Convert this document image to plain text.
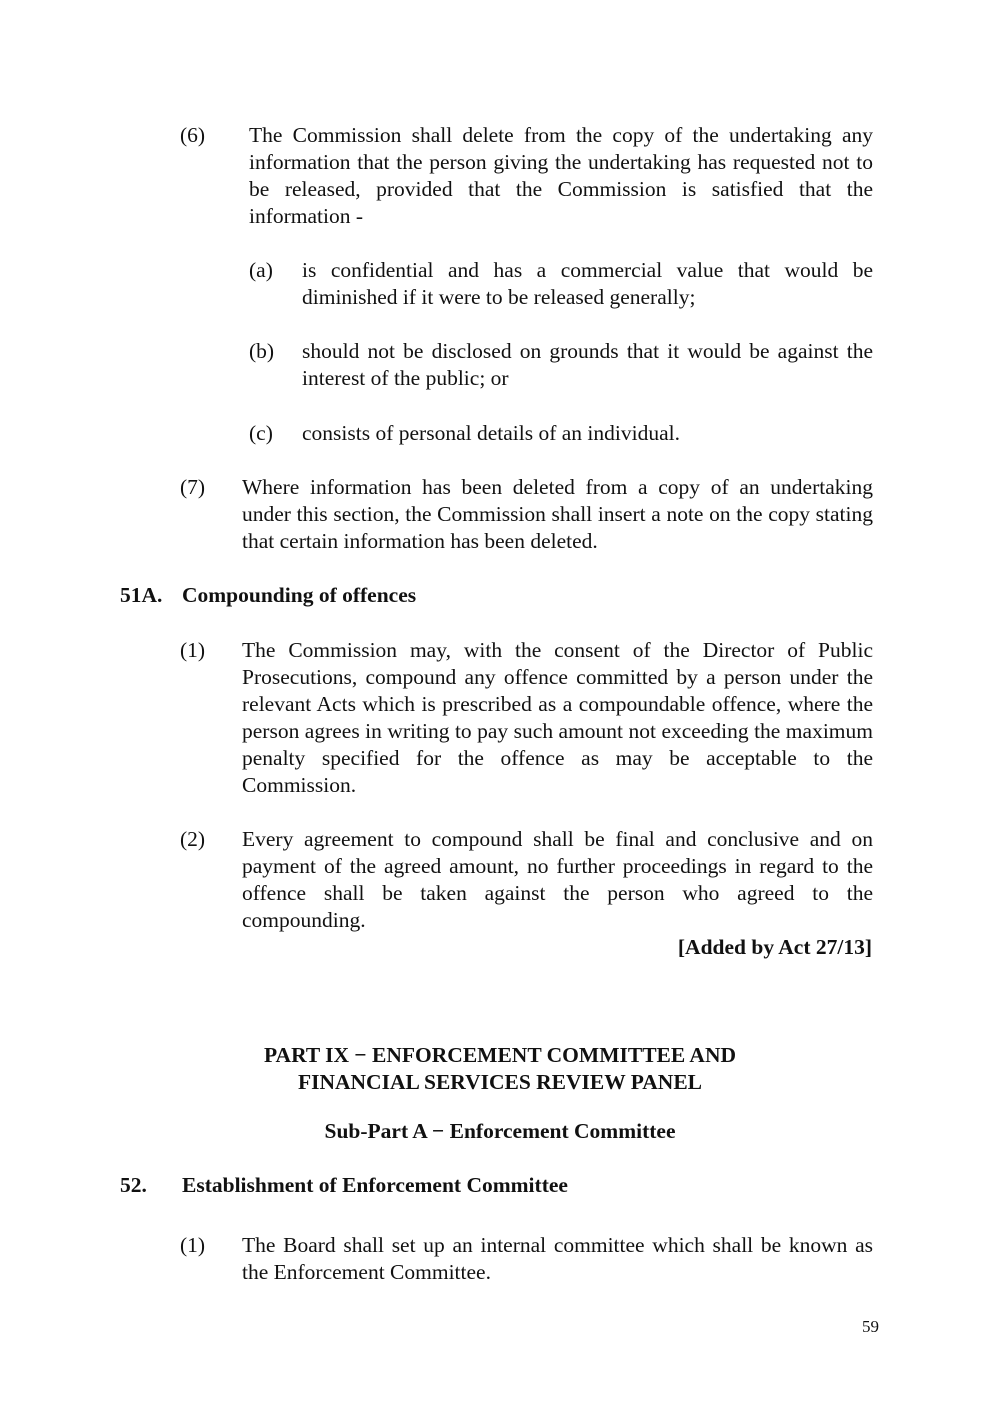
(6) The Commission shall delete from the copy of the undertaking any information that the person giving the undertaking has requested not to be released, provided that the Commission is satisfied that the information -
(a) is confidential and has a commercial value that would be diminished if it were to be released generally;
(b) should not be disclosed on grounds that it would be against the interest of the public; or
(c) consists of personal details of an individual.
(7) Where information has been deleted from a copy of an undertaking under this section, the Commission shall insert a note on the copy stating that certain information has been deleted.
51A. Compounding of offences
(1) The Commission may, with the consent of the Director of Public Prosecutions, compound any offence committed by a person under the relevant Acts which is prescribed as a compoundable offence, where the person agrees in writing to pay such amount not exceeding the maximum penalty specified for the offence as may be acceptable to the Commission.
(2) Every agreement to compound shall be final and conclusive and on payment of the agreed amount, no further proceedings in regard to the offence shall be taken against the person who agreed to the compounding.
[Added by Act 27/13]
PART IX − ENFORCEMENT COMMITTEE AND
FINANCIAL SERVICES REVIEW PANEL
Sub-Part A − Enforcement Committee
52. Establishment of Enforcement Committee
(1) The Board shall set up an internal committee which shall be known as the Enforcement Committee.
59
